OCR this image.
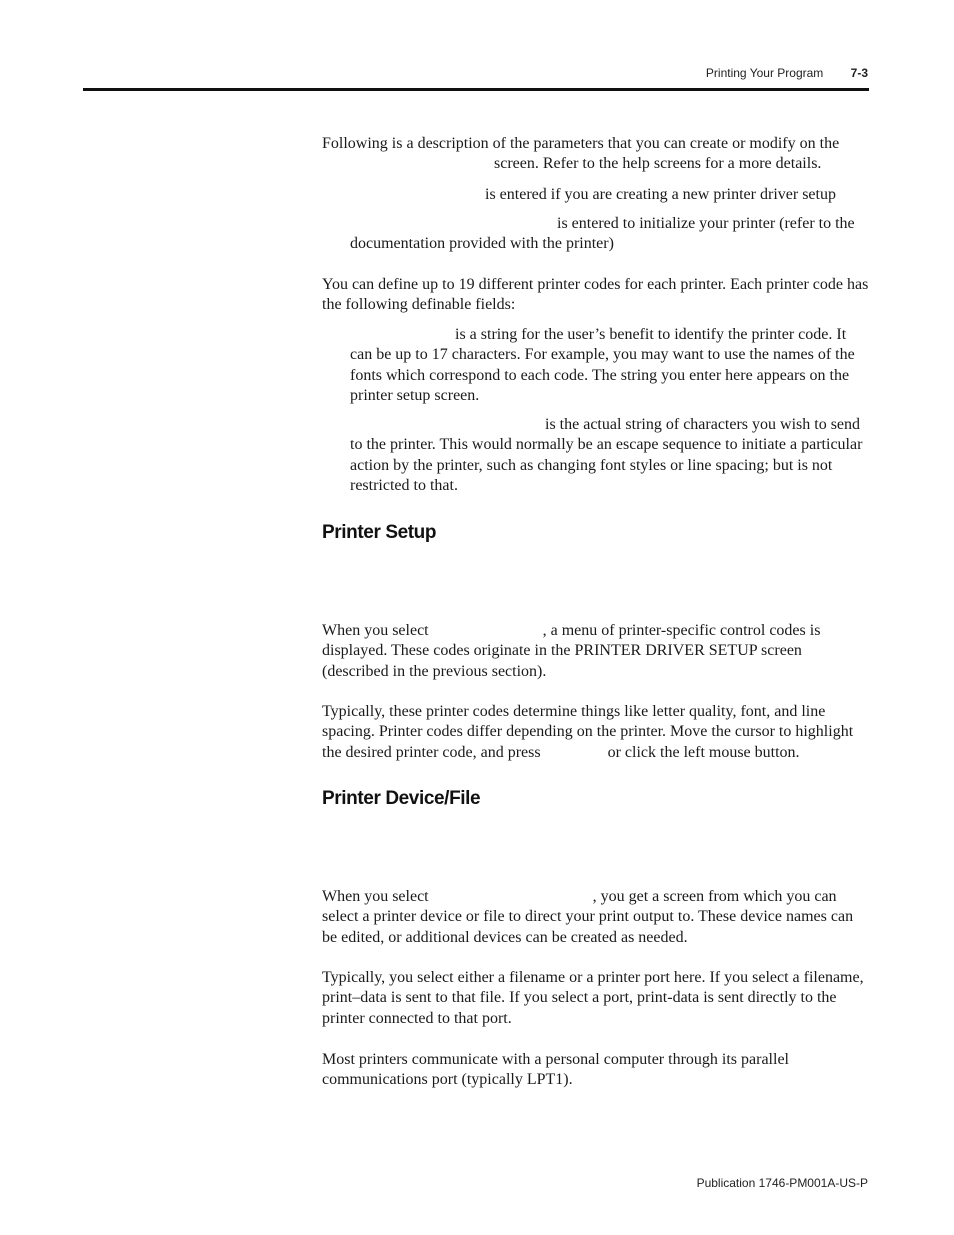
Printing Your Program 7-3

Following is a description of the parameters that you can create or modify on the
screen. Refer to the help screens for a more details.

is entered if you are creating a new printer driver setup

is entered to initialize your printer (refer to the documentation provided with the printer)

You can define up to 19 different printer codes for each printer. Each printer code has the following definable fields:

is a string for the user’s benefit to identify the printer code. It can be up to 17 characters. For example, you may want to use the names of the fonts which correspond to each code. The string you enter here appears on the printer setup screen.

is the actual string of characters you wish to send to the printer. This would normally be an escape sequence to initiate a particular action by the printer, such as changing font styles or line spacing; but is not restricted to that.

Printer Setup

When you select	, a menu of printer-specific control codes is displayed. These codes originate in the PRINTER DRIVER SETUP screen (described in the previous section).

Typically, these printer codes determine things like letter quality, font, and line spacing. Printer codes differ depending on the printer. Move the cursor to highlight the desired printer code, and press	or click the left mouse button.

Printer Device/File

When you select	, you get a screen from which you can select a printer device or file to direct your print output to. These device names can be edited, or additional devices can be created as needed.

Typically, you select either a filename or a printer port here. If you select a filename, print–data is sent to that file. If you select a port, print-data is sent directly to the printer connected to that port.

Most printers communicate with a personal computer through its parallel communications port (typically LPT1).

Publication 1746-PM001A-US-P
